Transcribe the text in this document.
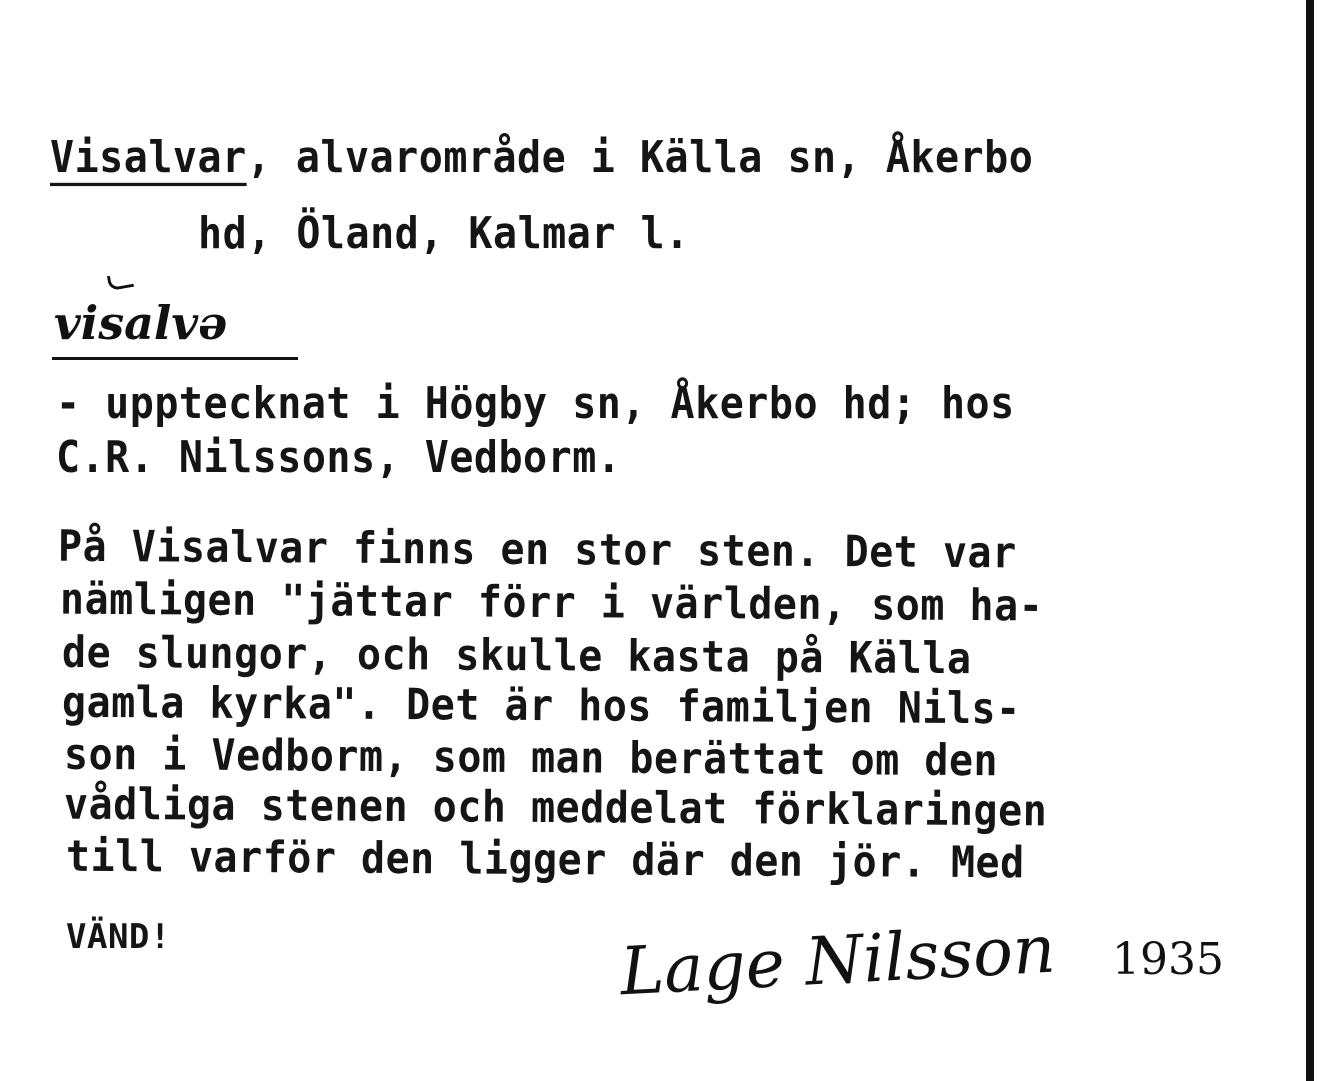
Visalvar, alvarområde i Källa sn, Åkerbo
hd, Öland, Kalmar l.
visalvə
- upptecknat i Högby sn, Åkerbo hd; hos
C.R. Nilssons, Vedborm.
På Visalvar finns en stor sten. Det var
nämligen "jättar förr i världen, som ha-
de slungor, och skulle kasta på Källa
gamla kyrka". Det är hos familjen Nils-
son i Vedborm, som man berättat om den
vådliga stenen och meddelat förklaringen
till varför den ligger där den jör. Med
VÄND!	Lage Nilsson 1935
